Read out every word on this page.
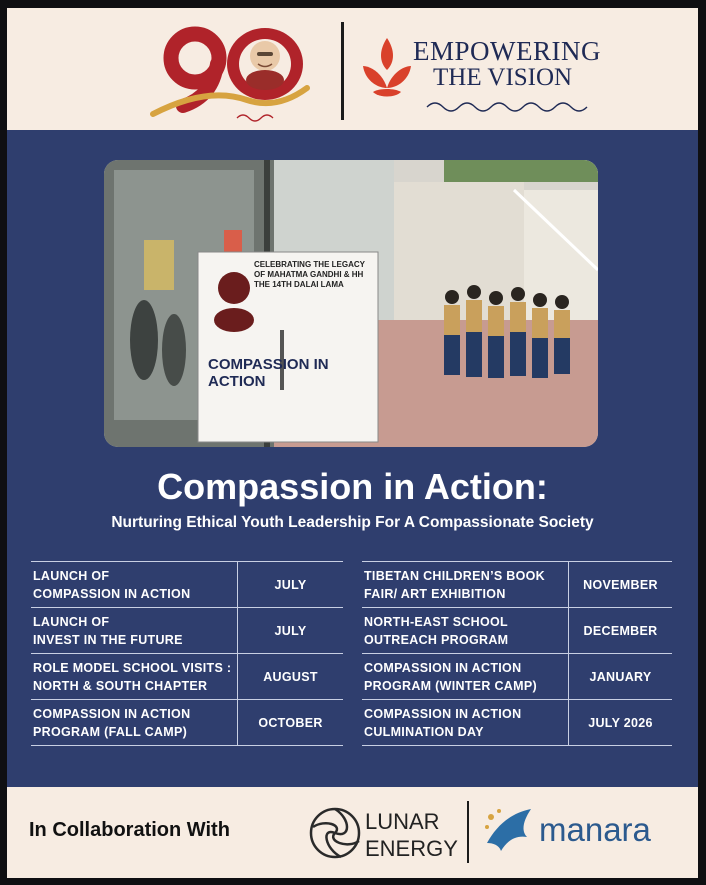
EMPOWERING
THE VISION
CELEBRATING THE LEGACY OF MAHATMA GANDHI & HH THE 14TH DALAI LAMA
COMPASSION IN ACTION
Compassion in Action:
Nurturing Ethical Youth Leadership For A Compassionate Society
LAUNCH OF
COMPASSION IN ACTION	JULY
LAUNCH OF
INVEST IN THE FUTURE	JULY
ROLE MODEL SCHOOL VISITS :
NORTH & SOUTH CHAPTER	AUGUST
COMPASSION IN ACTION
PROGRAM (FALL CAMP)	OCTOBER
TIBETAN CHILDREN’S BOOK
FAIR/ ART EXHIBITION	NOVEMBER
NORTH-EAST SCHOOL
OUTREACH PROGRAM	DECEMBER
COMPASSION IN ACTION
PROGRAM (WINTER CAMP)	JANUARY
COMPASSION IN ACTION
CULMINATION DAY	JULY 2026
In Collaboration With	LUNAR
ENERGY
manara
